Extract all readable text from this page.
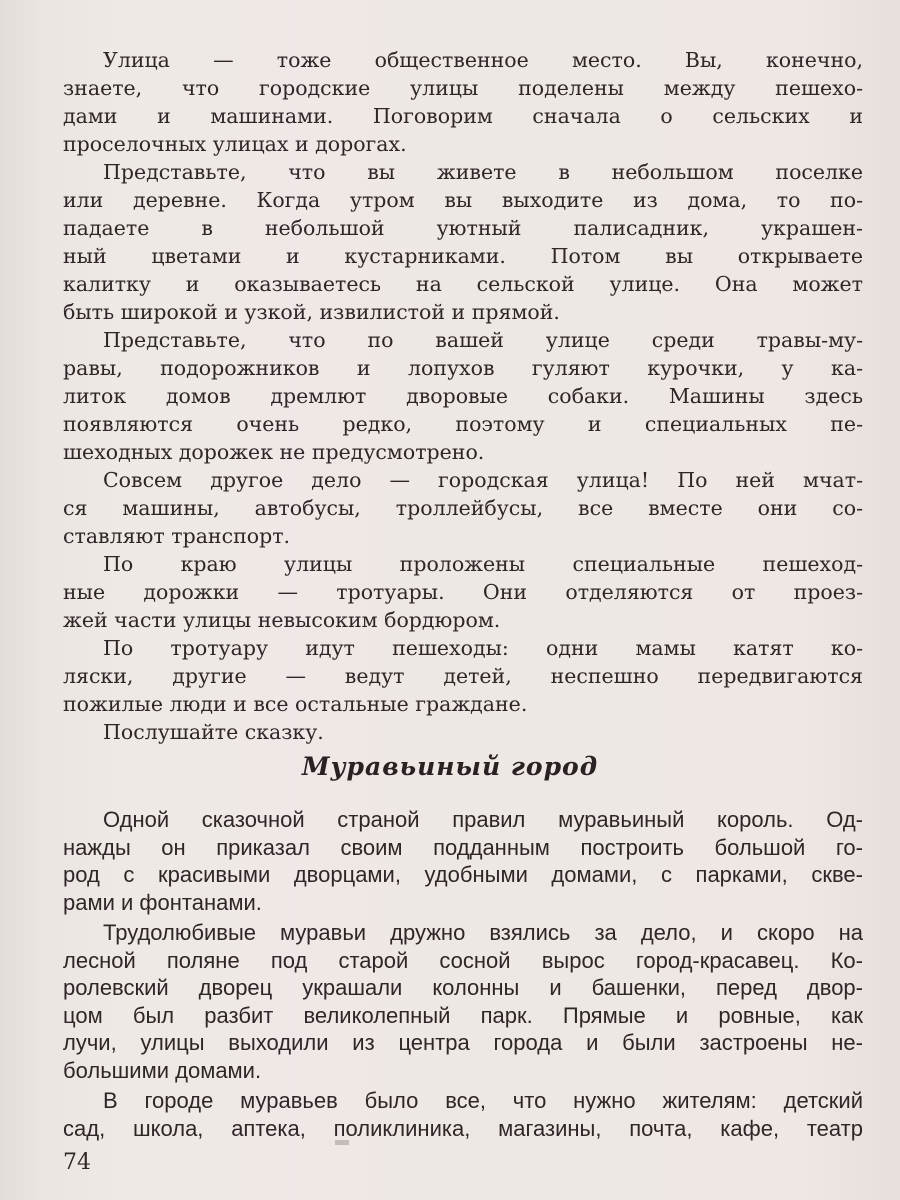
Улица — тоже общественное место. Вы, конечно,
знаете, что городские улицы поделены между пешехо-
дами и машинами. Поговорим сначала о сельских и
проселочных улицах и дорогах.
Представьте, что вы живете в небольшом поселке
или деревне. Когда утром вы выходите из дома, то по-
падаете в небольшой уютный палисадник, украшен-
ный цветами и кустарниками. Потом вы открываете
калитку и оказываетесь на сельской улице. Она может
быть широкой и узкой, извилистой и прямой.
Представьте, что по вашей улице среди травы-му-
равы, подорожников и лопухов гуляют курочки, у ка-
литок домов дремлют дворовые собаки. Машины здесь
появляются очень редко, поэтому и специальных пе-
шеходных дорожек не предусмотрено.
Совсем другое дело — городская улица! По ней мчат-
ся машины, автобусы, троллейбусы, все вместе они со-
ставляют транспорт.
По краю улицы проложены специальные пешеход-
ные дорожки — тротуары. Они отделяются от проез-
жей части улицы невысоким бордюром.
По тротуару идут пешеходы: одни мамы катят ко-
ляски, другие — ведут детей, неспешно передвигаются
пожилые люди и все остальные граждане.
Послушайте сказку.
Муравьиный город
Одной сказочной страной правил муравьиный король. Од-
нажды он приказал своим подданным построить большой го-
род с красивыми дворцами, удобными домами, с парками, скве-
рами и фонтанами.
Трудолюбивые муравьи дружно взялись за дело, и скоро на
лесной поляне под старой сосной вырос город-красавец. Ко-
ролевский дворец украшали колонны и башенки, перед двор-
цом был разбит великолепный парк. Прямые и ровные, как
лучи, улицы выходили из центра города и были застроены не-
большими домами.
В городе муравьев было все, что нужно жителям: детский
сад, школа, аптека, поликлиника, магазины, почта, кафе, театр
74
